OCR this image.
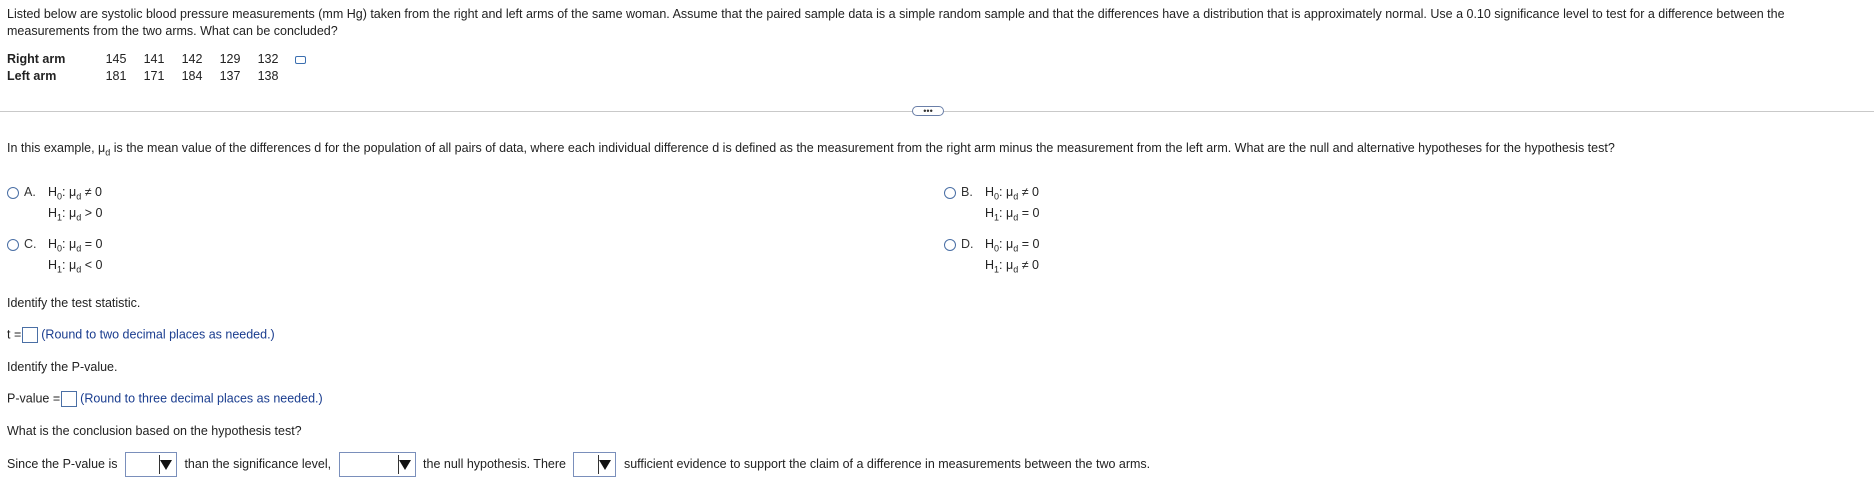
Listed below are systolic blood pressure measurements (mm Hg) taken from the right and left arms of the same woman. Assume that the paired sample data is a simple random sample and that the differences have a distribution that is approximately normal. Use a 0.10 significance level to test for a difference between the measurements from the two arms. What can be concluded?
Right arm	145	141	142	129	132
Left arm	181	171	184	137	138
•••
In this example, $\mu_d$ is the mean value of the differences d for the population of all pairs of data, where each individual difference d is defined as the measurement from the right arm minus the measurement from the left arm. What are the null and alternative hypotheses for the hypothesis test?
A. $H_0$: $\mu_d \ne 0$
$H_1$: $\mu_d > 0$
B. $H_0$: $\mu_d \ne 0$
$H_1$: $\mu_d = 0$
C. $H_0$: $\mu_d = 0$
$H_1$: $\mu_d < 0$
D. $H_0$: $\mu_d = 0$
$H_1$: $\mu_d \ne 0$
Identify the test statistic.
t = (Round to two decimal places as needed.)
Identify the P-value.
P-value = (Round to three decimal places as needed.)
What is the conclusion based on the hypothesis test?
Since the P-value is	than the significance level,	the null hypothesis. There	sufficient evidence to support the claim of a difference in measurements between the two arms.
